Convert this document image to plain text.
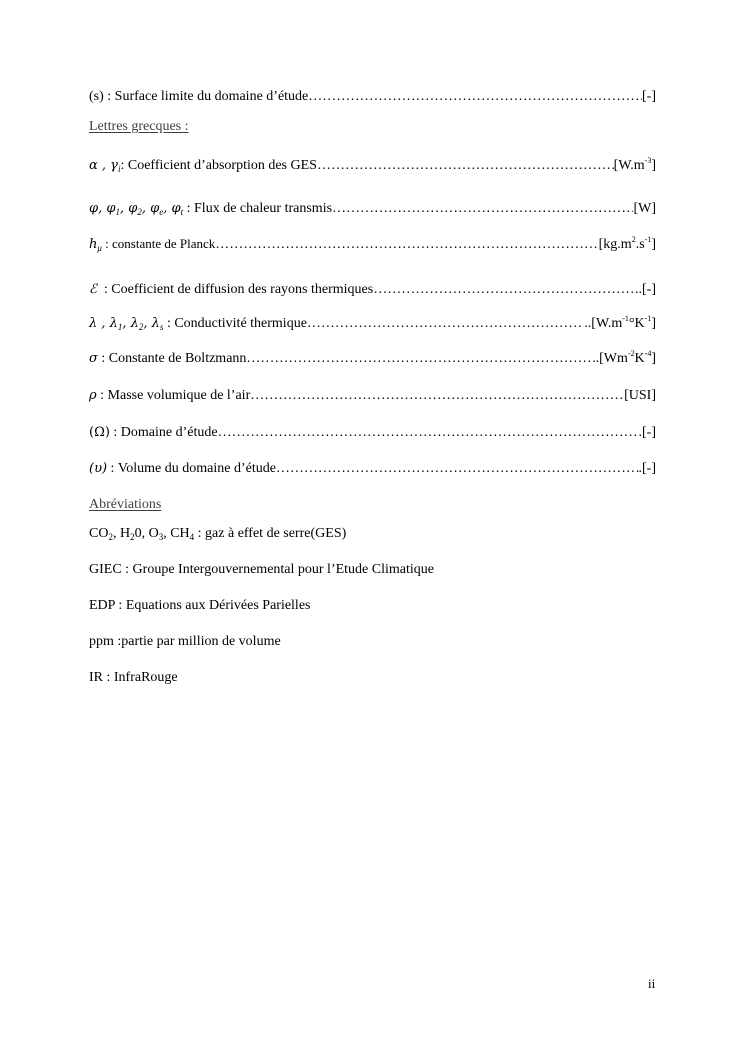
(s) : Surface limite du domaine d’étude …………………………………………………………………………………………………………………………………………………………………………………………	[-]
Lettres grecques :
α , $\gamma_i$: Coefficient d’absorption des GES …………………………………………………………………………………………………………………………………………………………………………………………	$[W.m^{-3}]$
φ, $\varphi_1$, $\varphi_2$, $\varphi_e$, $\varphi_t$ : Flux de chaleur transmis …………………………………………………………………………………………………………………………………………………………………………………………	[W]
$h_\mu$ : constante de Planck …………………………………………………………………………………………………………………………………………………………………………………………	$[kg.m^2.s^{-1}]$
ℰ  : Coefficient de diffusion des rayons thermiques …………………………………………………………………………………………………………………………………………………………………………………………	..[-]
λ , $\lambda_1$, $\lambda_2$, $\lambda_s$ : Conductivité thermique …………………………………………………………………………………………………………………………………………………………………………………………	$..[W.m^{-1}^\circ K^{-1}]$
σ : Constante de Boltzmann …………………………………………………………………………………………………………………………………………………………………………………………	$.[Wm^{-2}K^{-4}]$
ρ : Masse volumique de l’air …………………………………………………………………………………………………………………………………………………………………………………………	[USI]
(Ω) : Domaine d’étude …………………………………………………………………………………………………………………………………………………………………………………………	.[-]
(υ) : Volume du domaine d’étude …………………………………………………………………………………………………………………………………………………………………………………………	.[-]
Abréviations
$CO_2$, $H_20$, $O_3$, $CH_4$ : gaz à effet de serre(GES)
GIEC : Groupe Intergouvernemental pour l’Etude Climatique
EDP : Equations aux Dérivées Parielles
ppm :partie par million de volume
IR : InfraRouge
ii
